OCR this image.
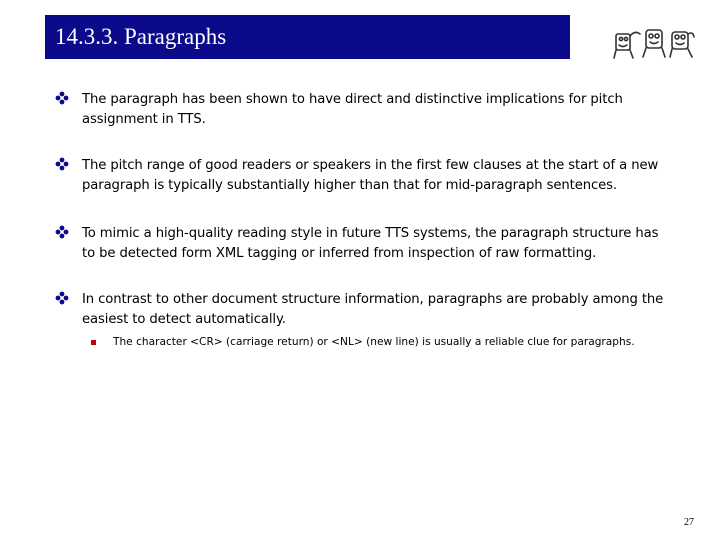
14.3.3. Paragraphs
The paragraph has been shown to have direct and distinctive implications for pitch assignment in TTS.
The pitch range of good readers or speakers in the first few clauses at the start of a new paragraph is typically substantially higher than that for mid-paragraph sentences.
To mimic a high-quality reading style in future TTS systems, the paragraph structure has to be detected form XML tagging or inferred from inspection of raw formatting.
In contrast to other document structure information, paragraphs are probably among the easiest to detect automatically.
The character <CR> (carriage return) or <NL> (new line) is usually a reliable clue for paragraphs.
27
